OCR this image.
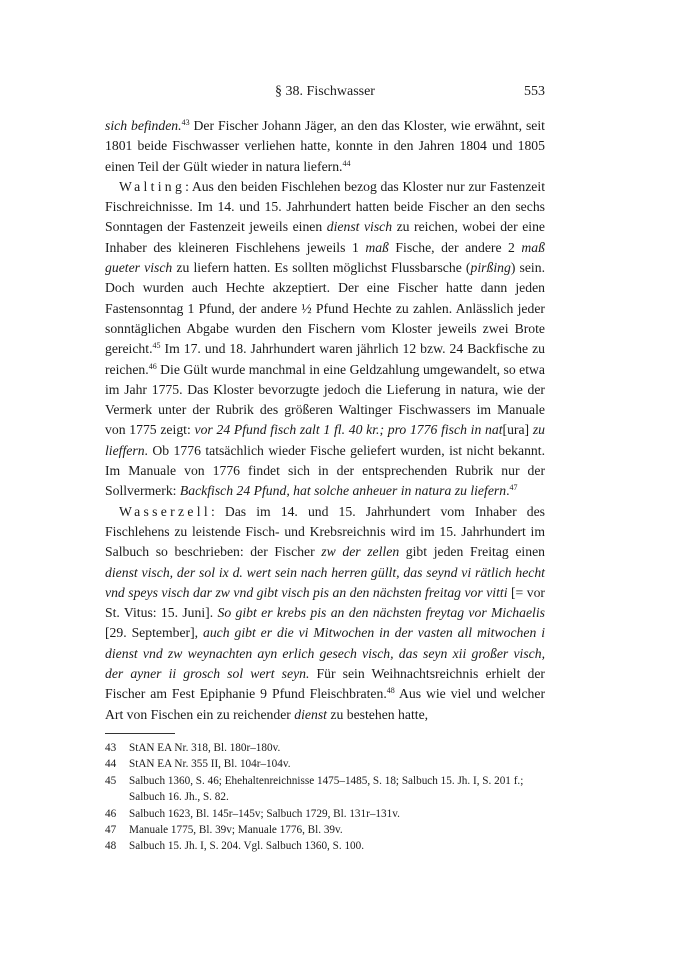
§ 38. Fischwasser	553

sich befinden.$^{43}$ Der Fischer Johann Jäger, an den das Kloster, wie erwähnt, seit 1801 beide Fischwasser verliehen hatte, konnte in den Jahren 1804 und 1805 einen Teil der Gült wieder in natura liefern.$^{44}$

Walting: Aus den beiden Fischlehen bezog das Kloster nur zur Fastenzeit Fischreichnisse. Im 14. und 15. Jahrhundert hatten beide Fischer an den sechs Sonntagen der Fastenzeit jeweils einen dienst visch zu reichen, wobei der eine Inhaber des kleineren Fischlehens jeweils 1 maß Fische, der andere 2 maß gueter visch zu liefern hatten. Es sollten möglichst Flussbarsche (pirßing) sein. Doch wurden auch Hechte akzeptiert. Der eine Fischer hatte dann jeden Fastensonntag 1 Pfund, der andere ½ Pfund Hechte zu zahlen. Anlässlich jeder sonntäglichen Abgabe wurden den Fischern vom Kloster jeweils zwei Brote gereicht.$^{45}$ Im 17. und 18. Jahrhundert waren jährlich 12 bzw. 24 Backfische zu reichen.$^{46}$ Die Gült wurde manchmal in eine Geldzahlung umgewandelt, so etwa im Jahr 1775. Das Kloster bevorzugte jedoch die Lieferung in natura, wie der Vermerk unter der Rubrik des größeren Waltinger Fischwassers im Manuale von 1775 zeigt: vor 24 Pfund fisch zalt 1 fl. 40 kr.; pro 1776 fisch in nat[ura] zu lieffern. Ob 1776 tatsächlich wieder Fische geliefert wurden, ist nicht bekannt. Im Manuale von 1776 findet sich in der entsprechenden Rubrik nur der Sollvermerk: Backfisch 24 Pfund, hat solche anheuer in natura zu liefern.$^{47}$

Wasserzell: Das im 14. und 15. Jahrhundert vom Inhaber des Fischlehens zu leistende Fisch- und Krebsreichnis wird im 15. Jahrhundert im Salbuch so beschrieben: der Fischer zw der zellen gibt jeden Freitag einen dienst visch, der sol ix d. wert sein nach herren güllt, das seynd vi rätlich hecht vnd speys visch dar zw vnd gibt visch pis an den nächsten freitag vor vitti [= vor St. Vitus: 15. Juni]. So gibt er krebs pis an den nächsten freytag vor Michaelis [29. September], auch gibt er die vi Mitwochen in der vasten all mitwochen i dienst vnd zw weynachten ayn erlich gesech visch, das seyn xii großer visch, der ayner ii grosch sol wert seyn. Für sein Weihnachtsreichnis erhielt der Fischer am Fest Epiphanie 9 Pfund Fleischbraten.$^{48}$ Aus wie viel und welcher Art von Fischen ein zu reichender dienst zu bestehen hatte,

43	StAN EA Nr. 318, Bl. 180r–180v.
44	StAN EA Nr. 355 II, Bl. 104r–104v.
45	Salbuch 1360, S. 46; Ehehaltenreichnisse 1475–1485, S. 18; Salbuch 15. Jh. I, S. 201 f.; Salbuch 16. Jh., S. 82.
46	Salbuch 1623, Bl. 145r–145v; Salbuch 1729, Bl. 131r–131v.
47	Manuale 1775, Bl. 39v; Manuale 1776, Bl. 39v.
48	Salbuch 15. Jh. I, S. 204. Vgl. Salbuch 1360, S. 100.
